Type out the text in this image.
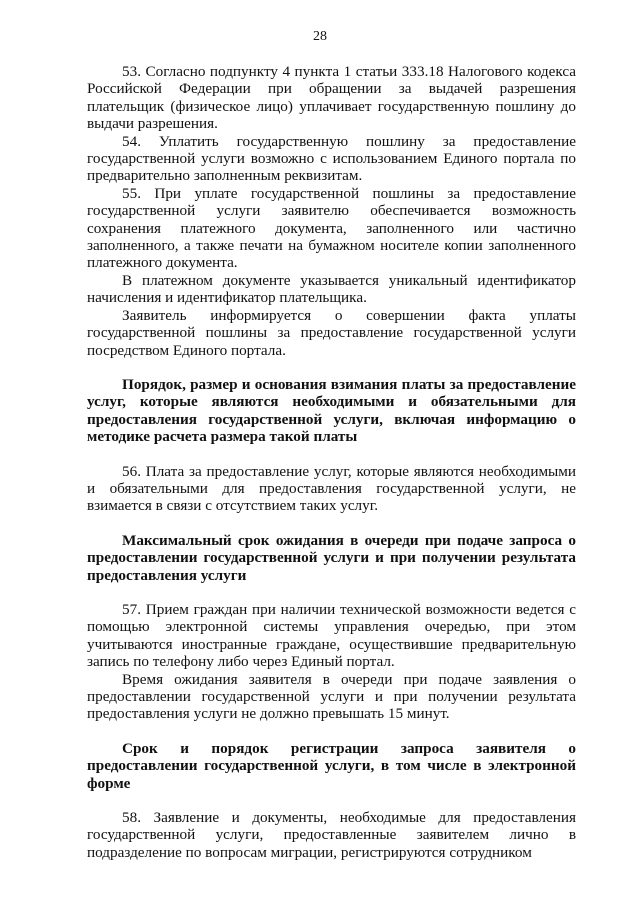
28

53. Согласно подпункту 4 пункта 1 статьи 333.18 Налогового кодекса Российской Федерации при обращении за выдачей разрешения плательщик (физическое лицо) уплачивает государственную пошлину до выдачи разрешения.

54. Уплатить государственную пошлину за предоставление государственной услуги возможно с использованием Единого портала по предварительно заполненным реквизитам.

55. При уплате государственной пошлины за предоставление государственной услуги заявителю обеспечивается возможность сохранения платежного документа, заполненного или частично заполненного, а также печати на бумажном носителе копии заполненного платежного документа.

В платежном документе указывается уникальный идентификатор начисления и идентификатор плательщика.

Заявитель информируется о совершении факта уплаты государственной пошлины за предоставление государственной услуги посредством Единого портала.

Порядок, размер и основания взимания платы за предоставление услуг, которые являются необходимыми и обязательными для предоставления государственной услуги, включая информацию о методике расчета размера такой платы

56. Плата за предоставление услуг, которые являются необходимыми и обязательными для предоставления государственной услуги, не взимается в связи с отсутствием таких услуг.

Максимальный срок ожидания в очереди при подаче запроса о предоставлении государственной услуги и при получении результата предоставления услуги

57. Прием граждан при наличии технической возможности ведется с помощью электронной системы управления очередью, при этом учитываются иностранные граждане, осуществившие предварительную запись по телефону либо через Единый портал.

Время ожидания заявителя в очереди при подаче заявления о предоставлении государственной услуги и при получении результата предоставления услуги не должно превышать 15 минут.

Срок и порядок регистрации запроса заявителя о предоставлении государственной услуги, в том числе в электронной форме

58. Заявление и документы, необходимые для предоставления государственной услуги, предоставленные заявителем лично в подразделение по вопросам миграции, регистрируются сотрудником
